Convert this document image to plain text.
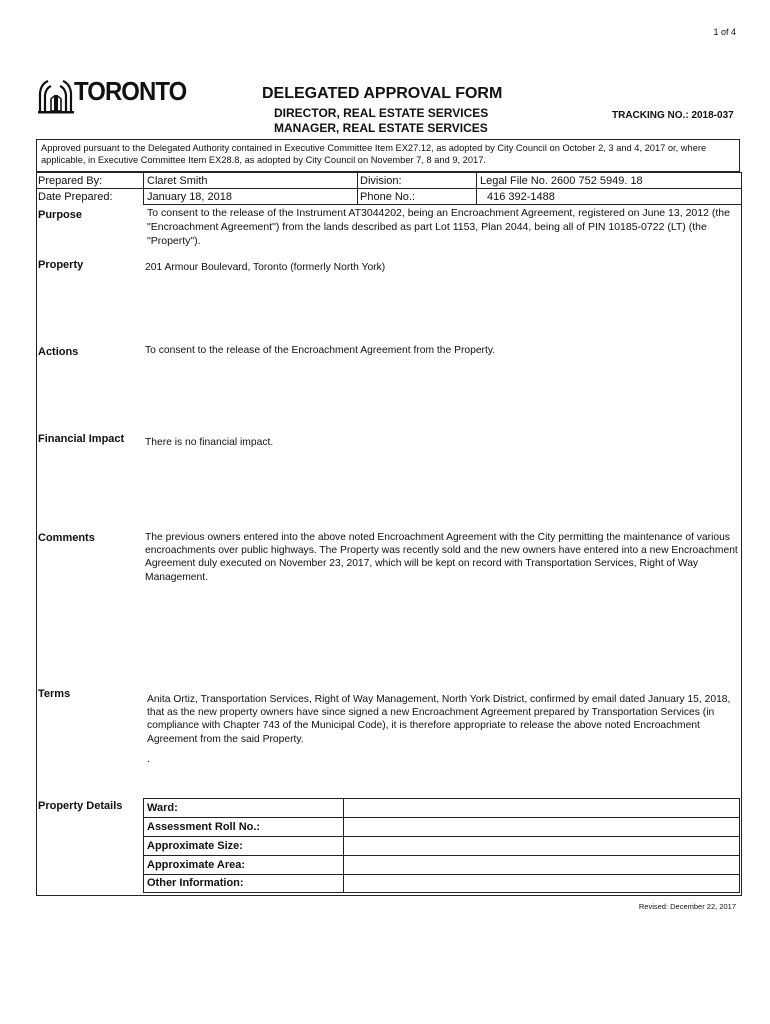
1 of 4
TORONTO	DELEGATED APPROVAL FORM
DIRECTOR, REAL ESTATE SERVICES
MANAGER, REAL ESTATE SERVICES
TRACKING NO.: 2018-037
Approved pursuant to the Delegated Authority contained in Executive Committee Item EX27.12, as adopted by City Council on October 2, 3 and 4, 2017 or, where applicable, in Executive Committee Item EX28.8, as adopted by City Council on November 7, 8 and 9, 2017.
Prepared By:	Claret Smith	Division:	Legal File No. 2600 752 5949. 18
Date Prepared:	January 18, 2018	Phone No.:	416 392-1488
Purpose	To consent to the release of the Instrument AT3044202, being an Encroachment Agreement, registered on June 13, 2012 (the "Encroachment Agreement") from the lands described as part Lot 1153, Plan 2044, being all of PIN 10185-0722 (LT) (the "Property").
Property	201 Armour Boulevard, Toronto (formerly North York)
Actions	To consent to the release of the Encroachment Agreement from the Property.
Financial Impact There is no financial impact.
Comments	The previous owners entered into the above noted Encroachment Agreement with the City permitting the maintenance of various encroachments over public highways. The Property was recently sold and the new owners have entered into a new Encroachment Agreement duly executed on November 23, 2017, which will be kept on record with Transportation Services, Right of Way Management.
Terms	Anita Ortiz, Transportation Services, Right of Way Management, North York District, confirmed by email dated January 15, 2018, that as the new property owners have since signed a new Encroachment Agreement prepared by Transportation Services (in compliance with Chapter 743 of the Municipal Code), it is therefore appropriate to release the above noted Encroachment Agreement from the said Property.
.
Property Details Ward:
Assessment Roll No.:
Approximate Size:
Approximate Area:
Other Information:
Revised: December 22, 2017
